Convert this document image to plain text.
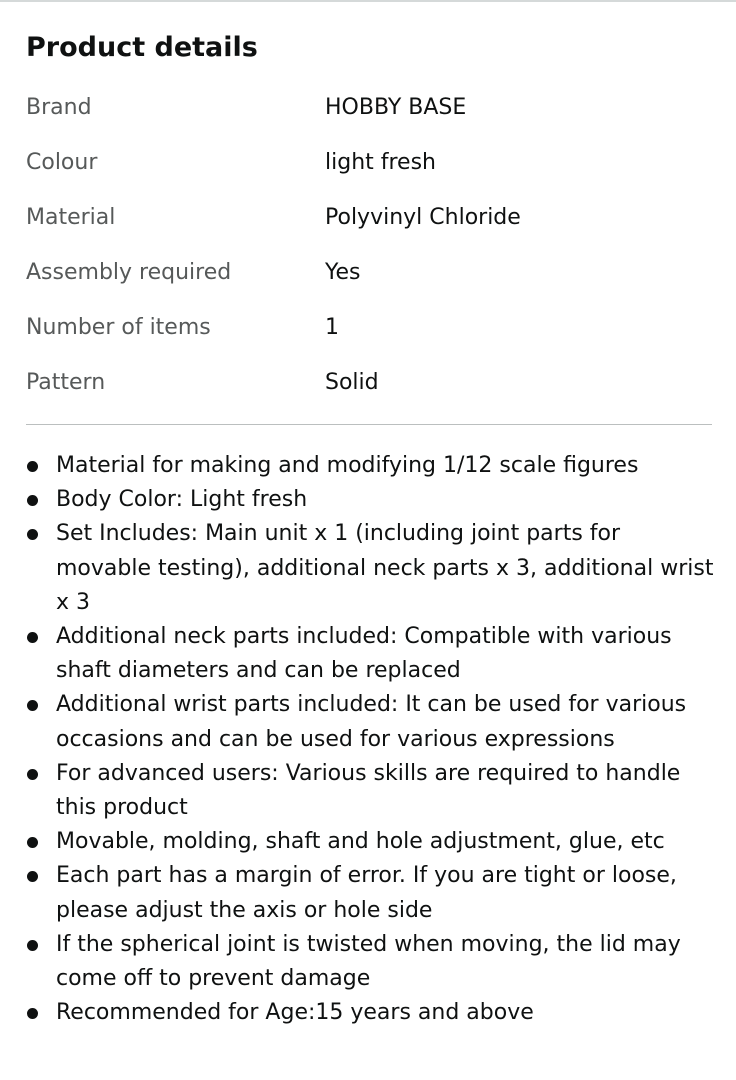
Product details
Brand	HOBBY BASE
Colour	light fresh
Material	Polyvinyl Chloride
Assembly required	Yes
Number of items	1
Pattern	Solid
Material for making and modifying 1/12 scale figures
Body Color: Light fresh
Set Includes: Main unit x 1 (including joint parts for movable testing), additional neck parts x 3, additional wrist x 3
Additional neck parts included: Compatible with various shaft diameters and can be replaced
Additional wrist parts included: It can be used for various occasions and can be used for various expressions
For advanced users: Various skills are required to handle this product
Movable, molding, shaft and hole adjustment, glue, etc
Each part has a margin of error. If you are tight or loose, please adjust the axis or hole side
If the spherical joint is twisted when moving, the lid may come off to prevent damage
Recommended for Age:15 years and above
